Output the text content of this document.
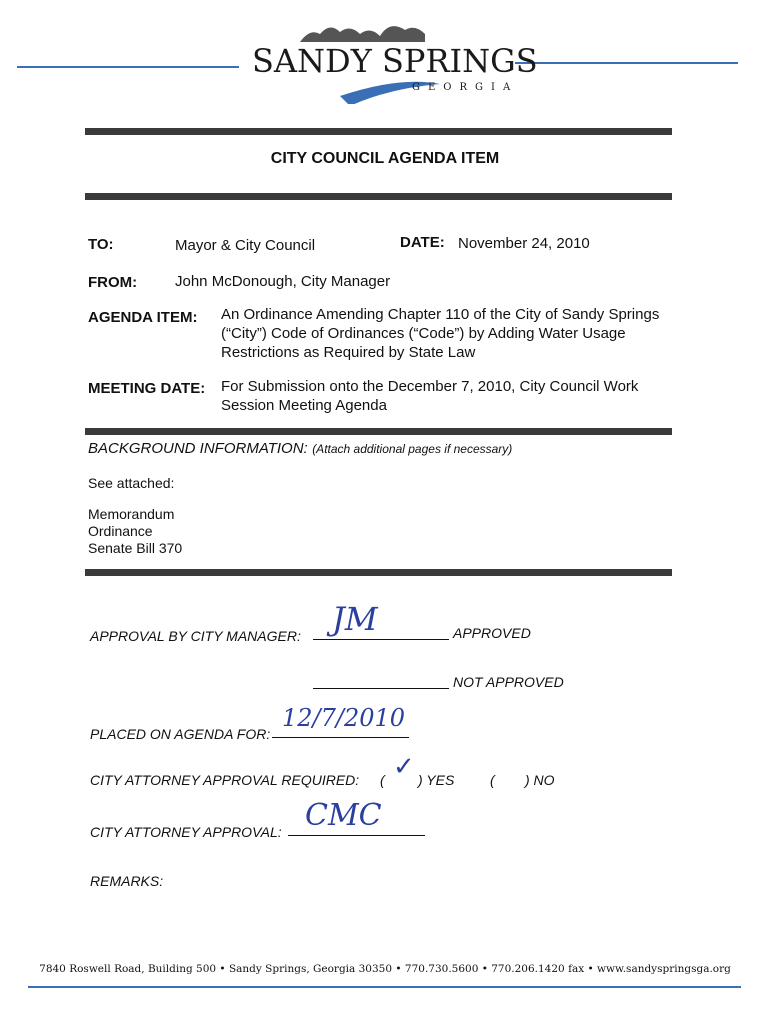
SANDY SPRINGS
GEORGIA
CITY COUNCIL AGENDA ITEM
TO:	Mayor & City Council	DATE: November 24, 2010
FROM:	John McDonough, City Manager
AGENDA ITEM: An Ordinance Amending Chapter 110 of the City of Sandy Springs
(“City”) Code of Ordinances (“Code”) by Adding Water Usage
Restrictions as Required by State Law
MEETING DATE: For Submission onto the December 7, 2010, City Council Work
Session Meeting Agenda
BACKGROUND INFORMATION: (Attach additional pages if necessary)
See attached:
Memorandum
Ordinance
Senate Bill 370
APPROVAL BY CITY MANAGER: JM	APPROVED
NOT APPROVED
PLACED ON AGENDA FOR:
12/7/2010
CITY ATTORNEY APPROVAL REQUIRED: ( ✓ ) YES	( ) NO
CITY ATTORNEY APPROVAL: CMC
REMARKS:
7840 Roswell Road, Building 500 • Sandy Springs, Georgia 30350 • 770.730.5600 • 770.206.1420 fax • www.sandyspringsga.org
